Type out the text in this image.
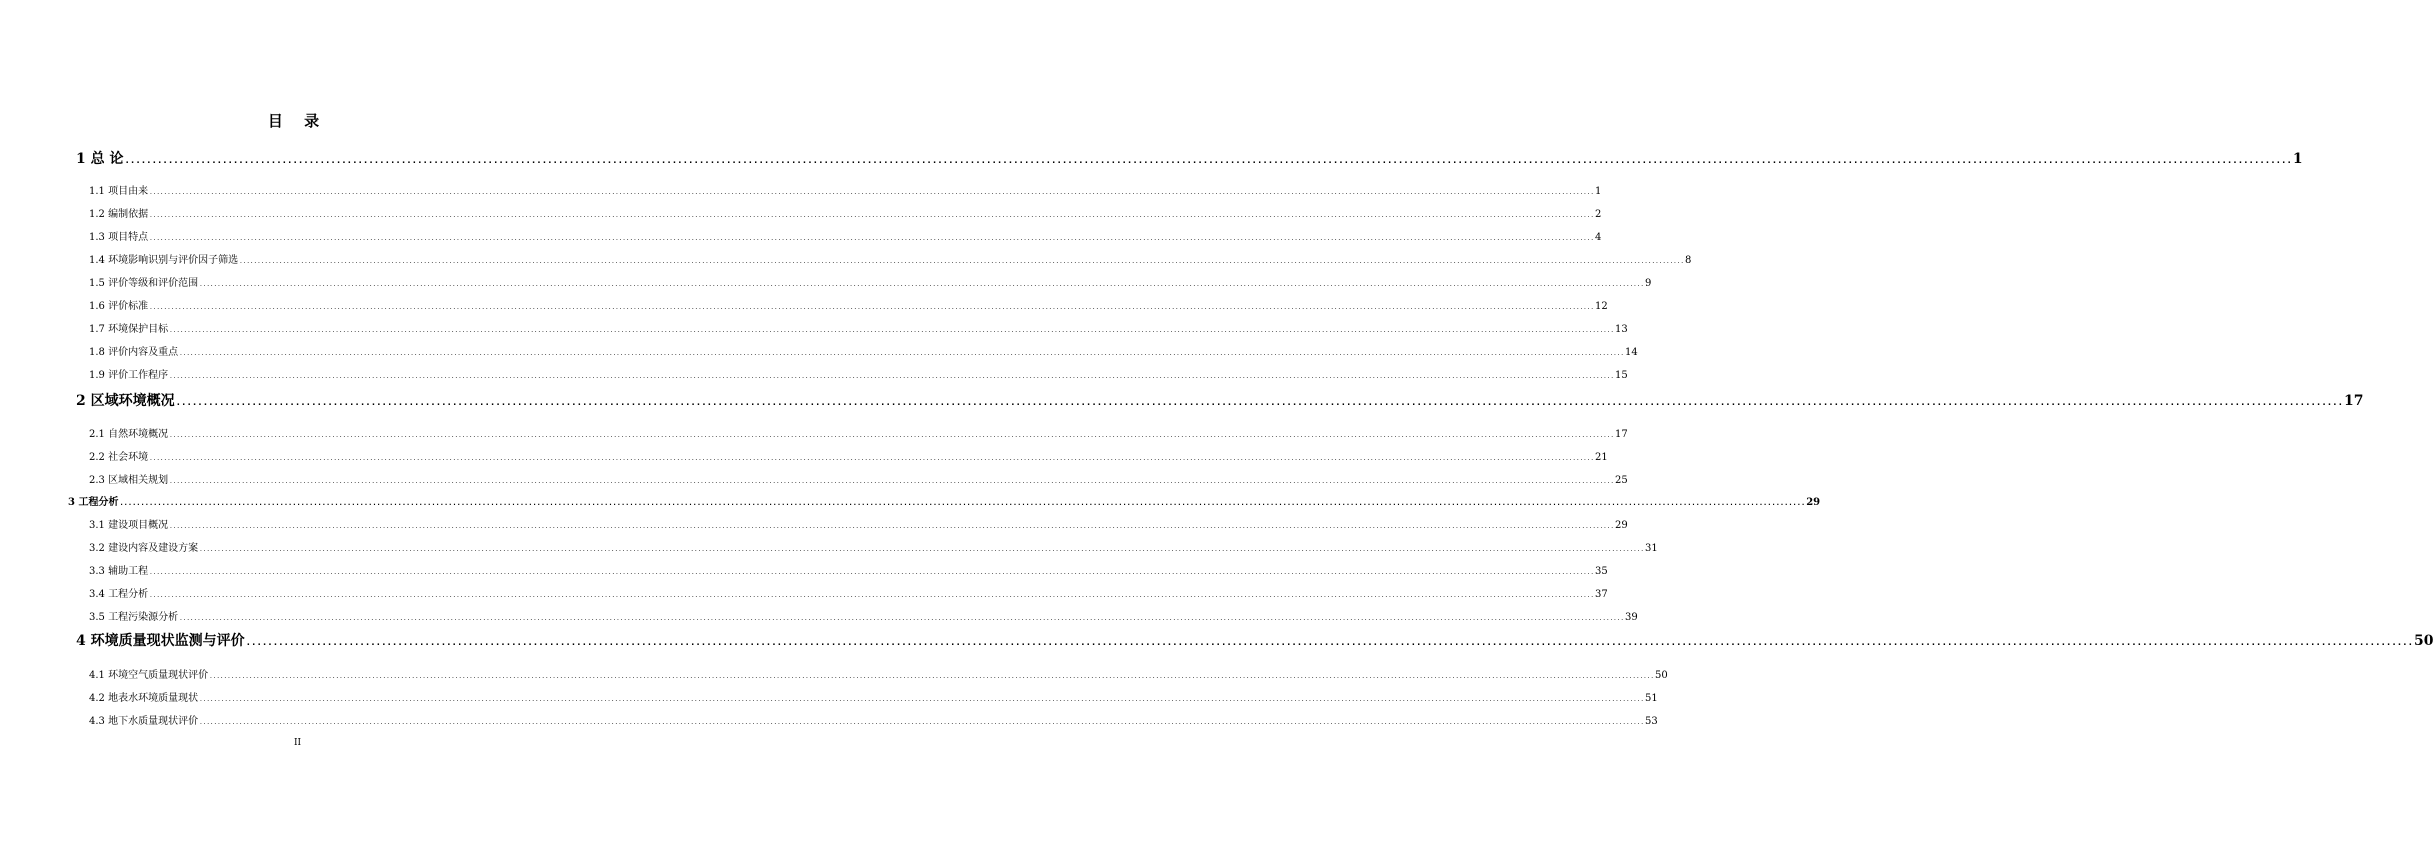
目 录
1 总 论 ................................................................................................................................................................................................................................................................................................................................................................................................................ 1
1.1 项目由来 ................................................................................................................................................................................................................................................................................................................................................................................................................ 1
1.2 编制依据 ................................................................................................................................................................................................................................................................................................................................................................................................................ 2
1.3 项目特点 ................................................................................................................................................................................................................................................................................................................................................................................................................ 4
1.4 环境影响识别与评价因子筛选 ................................................................................................................................................................................................................................................................................................................................................................................................................ 8
1.5 评价等级和评价范围 ................................................................................................................................................................................................................................................................................................................................................................................................................ 9
1.6 评价标准 ................................................................................................................................................................................................................................................................................................................................................................................................................ 12
1.7 环境保护目标 ................................................................................................................................................................................................................................................................................................................................................................................................................ 13
1.8 评价内容及重点 ................................................................................................................................................................................................................................................................................................................................................................................................................ 14
1.9 评价工作程序 ................................................................................................................................................................................................................................................................................................................................................................................................................ 15
2 区域环境概况 ................................................................................................................................................................................................................................................................................................................................................................................................................ 17
2.1 自然环境概况 ................................................................................................................................................................................................................................................................................................................................................................................................................ 17
2.2 社会环境 ................................................................................................................................................................................................................................................................................................................................................................................................................ 21
2.3 区域相关规划 ................................................................................................................................................................................................................................................................................................................................................................................................................ 25
3 工程分析 ................................................................................................................................................................................................................................................................................................................................................................................................................ 29
3.1 建设项目概况 ................................................................................................................................................................................................................................................................................................................................................................................................................ 29
3.2 建设内容及建设方案 ................................................................................................................................................................................................................................................................................................................................................................................................................ 31
3.3 辅助工程 ................................................................................................................................................................................................................................................................................................................................................................................................................ 35
3.4 工程分析 ................................................................................................................................................................................................................................................................................................................................................................................................................ 37
3.5 工程污染源分析 ................................................................................................................................................................................................................................................................................................................................................................................................................ 39
4 环境质量现状监测与评价 ................................................................................................................................................................................................................................................................................................................................................................................................................ 50
4.1 环境空气质量现状评价 ................................................................................................................................................................................................................................................................................................................................................................................................................ 50
4.2 地表水环境质量现状 ................................................................................................................................................................................................................................................................................................................................................................................................................ 51
4.3 地下水质量现状评价 ................................................................................................................................................................................................................................................................................................................................................................................................................ 53
II
